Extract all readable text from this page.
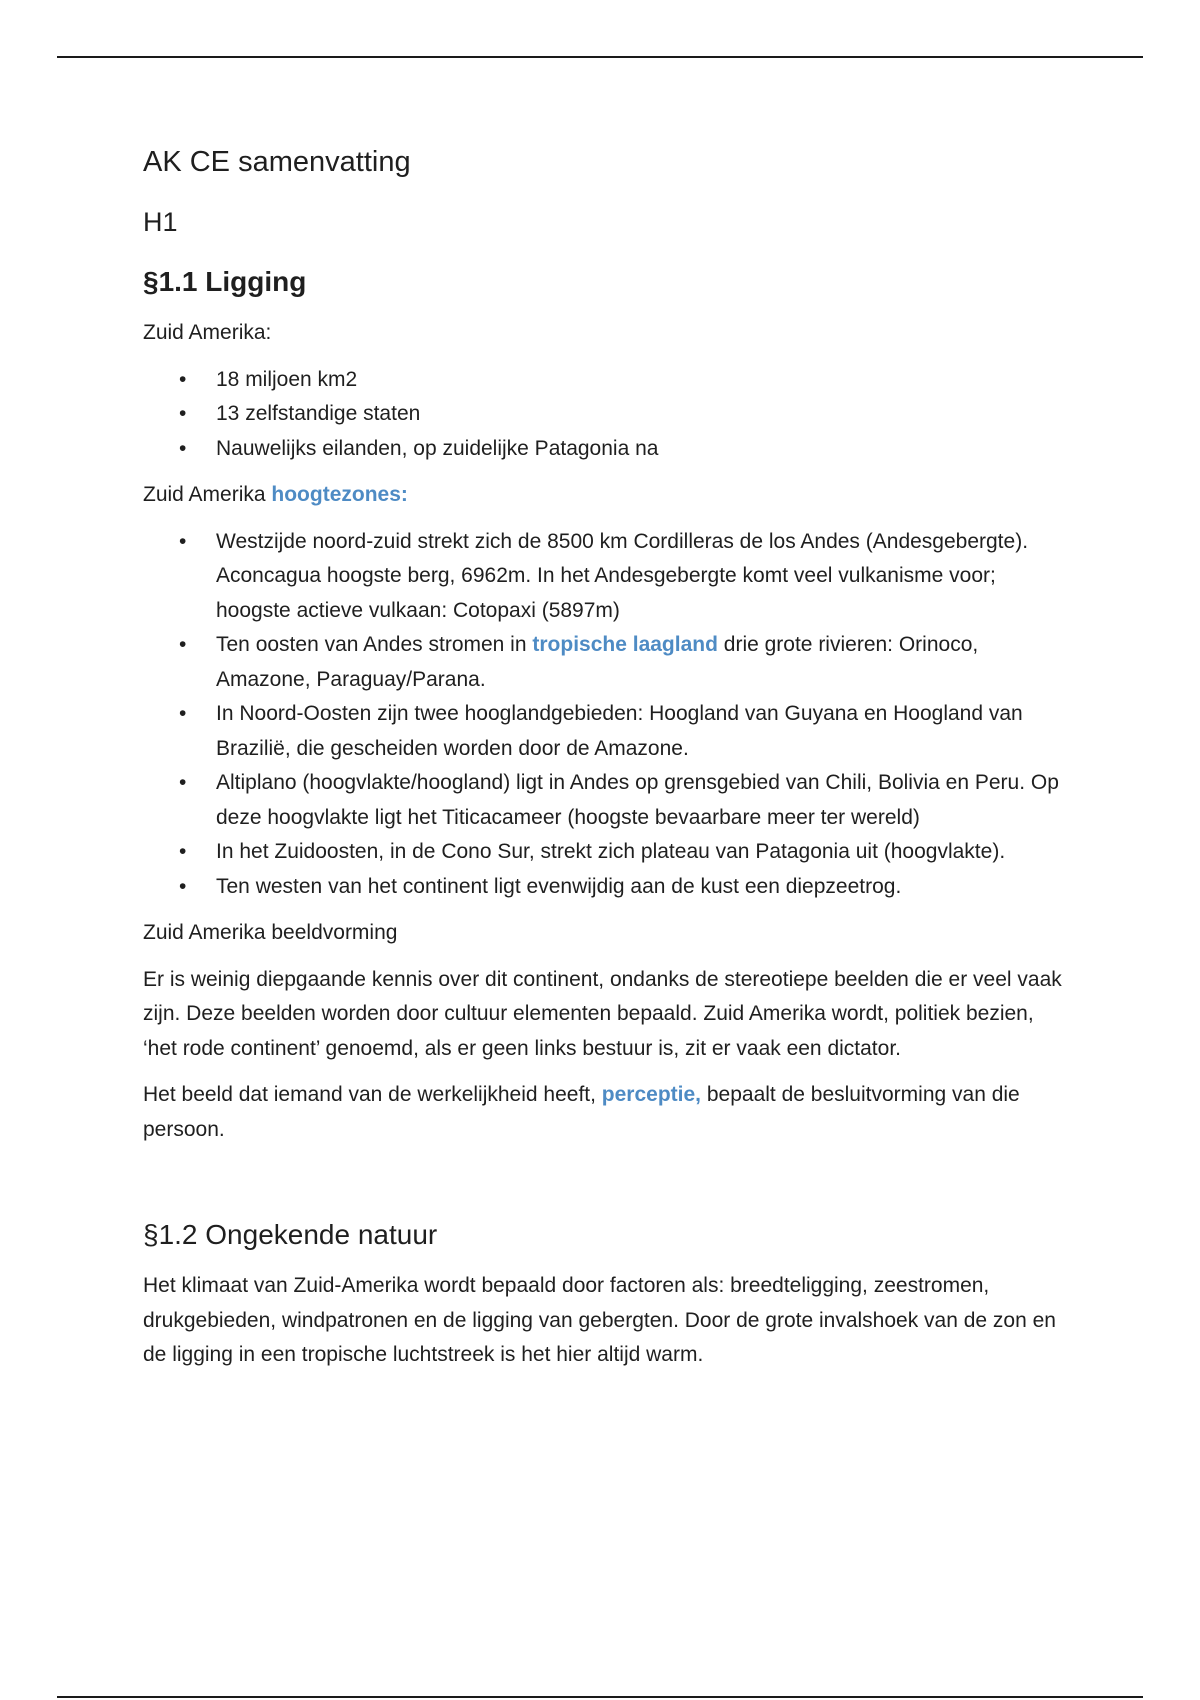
AK CE samenvatting
H1
§1.1 Ligging

Zuid Amerika:

• 18 miljoen km2
• 13 zelfstandige staten
• Nauwelijks eilanden, op zuidelijke Patagonia na

Zuid Amerika hoogtezones:

• Westzijde noord-zuid strekt zich de 8500 km Cordilleras de los Andes (Andesgebergte). Aconcagua hoogste berg, 6962m. In het Andesgebergte komt veel vulkanisme voor; hoogste actieve vulkaan: Cotopaxi (5897m)
• Ten oosten van Andes stromen in tropische laagland drie grote rivieren: Orinoco, Amazone, Paraguay/Parana.
• In Noord-Oosten zijn twee hooglandgebieden: Hoogland van Guyana en Hoogland van Brazilië, die gescheiden worden door de Amazone.
• Altiplano (hoogvlakte/hoogland) ligt in Andes op grensgebied van Chili, Bolivia en Peru. Op deze hoogvlakte ligt het Titicacameer (hoogste bevaarbare meer ter wereld)
• In het Zuidoosten, in de Cono Sur, strekt zich plateau van Patagonia uit (hoogvlakte).
• Ten westen van het continent ligt evenwijdig aan de kust een diepzeetrog.

Zuid Amerika beeldvorming

Er is weinig diepgaande kennis over dit continent, ondanks de stereotiepe beelden die er veel vaak zijn. Deze beelden worden door cultuur elementen bepaald. Zuid Amerika wordt, politiek bezien, ‘het rode continent’ genoemd, als er geen links bestuur is, zit er vaak een dictator.

Het beeld dat iemand van de werkelijkheid heeft, perceptie, bepaalt de besluitvorming van die persoon.

§1.2 Ongekende natuur

Het klimaat van Zuid-Amerika wordt bepaald door factoren als: breedteligging, zeestromen, drukgebieden, windpatronen en de ligging van gebergten. Door de grote invalshoek van de zon en de ligging in een tropische luchtstreek is het hier altijd warm.
